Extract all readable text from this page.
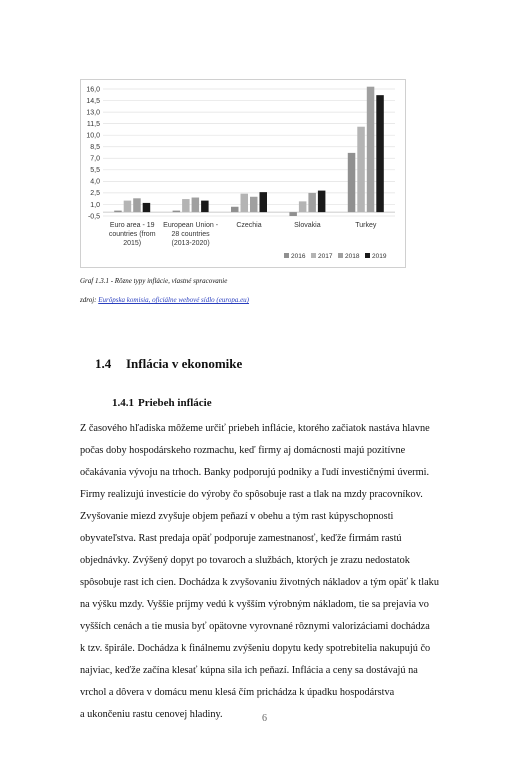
-0,5
1,0
2,5
4,0
5,5
7,0
8,5
10,0
11,5
13,0
14,5
16,0
Euro area - 19
countries (from
2015)
European Union -
28 countries
(2013-2020)
Czechia	Slovakia	Turkey
2016 2017 2018 2019
Graf 1.3.1 - Rôzne typy inflácie, vlastné spracovanie
zdroj: Eurôpska komisia, oficiálne webové sídlo (europa.eu)
1.4 Inflácia v ekonomike
1.4.1 Priebeh inflácie
Z časového hľadiska môžeme určiť priebeh inflácie, ktorého začiatok nastáva hlavne
počas doby hospodárskeho rozmachu, keď firmy aj domácnosti majú pozitívne
očakávania vývoju na trhoch. Banky podporujú podniky a ľudí investičnými úvermi.
Firmy realizujú investície do výroby čo spôsobuje rast a tlak na mzdy pracovníkov.
Zvyšovanie miezd zvyšuje objem peňazí v obehu a tým rast kúpyschopnosti
obyvateľstva. Rast predaja opäť podporuje zamestnanosť, keďže firmám rastú
objednávky. Zvýšený dopyt po tovaroch a službách, ktorých je zrazu nedostatok
spôsobuje rast ich cien. Dochádza k zvyšovaniu životných nákladov a tým opäť k tlaku
na výšku mzdy. Vyššie príjmy vedú k vyšším výrobným nákladom, tie sa prejavia vo
vyšších cenách a tie musia byť opätovne vyrovnané rôznymi valorizáciami dochádza
k tzv. špirále. Dochádza k finálnemu zvýšeniu dopytu kedy spotrebitelia nakupujú čo
najviac, keďže začína klesať kúpna sila ich peňazí. Inflácia a ceny sa dostávajú na
vrchol a dôvera v domácu menu klesá čím prichádza k úpadku hospodárstva
a ukončeniu rastu cenovej hladiny.	6
